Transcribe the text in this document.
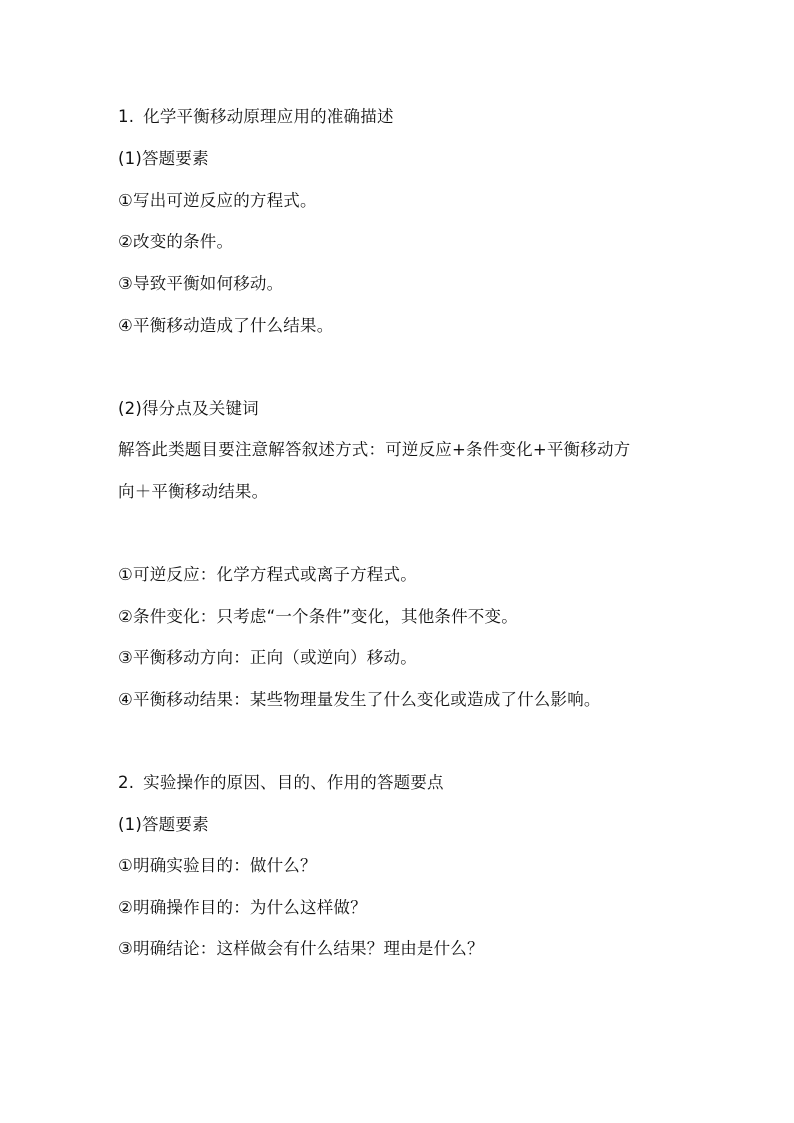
1. 化学平衡移动原理应用的准确描述
(1)答题要素
①写出可逆反应的方程式。
②改变的条件。
③导致平衡如何移动。
④平衡移动造成了什么结果。
(2)得分点及关键词
解答此类题目要注意解答叙述方式：可逆反应+条件变化+平衡移动方
向＋平衡移动结果。
①可逆反应：化学方程式或离子方程式。
②条件变化：只考虑“一个条件”变化，其他条件不变。
③平衡移动方向：正向（或逆向）移动。
④平衡移动结果：某些物理量发生了什么变化或造成了什么影响。
2. 实验操作的原因、目的、作用的答题要点
(1)答题要素
①明确实验目的：做什么？
②明确操作目的：为什么这样做？
③明确结论：这样做会有什么结果？理由是什么？
